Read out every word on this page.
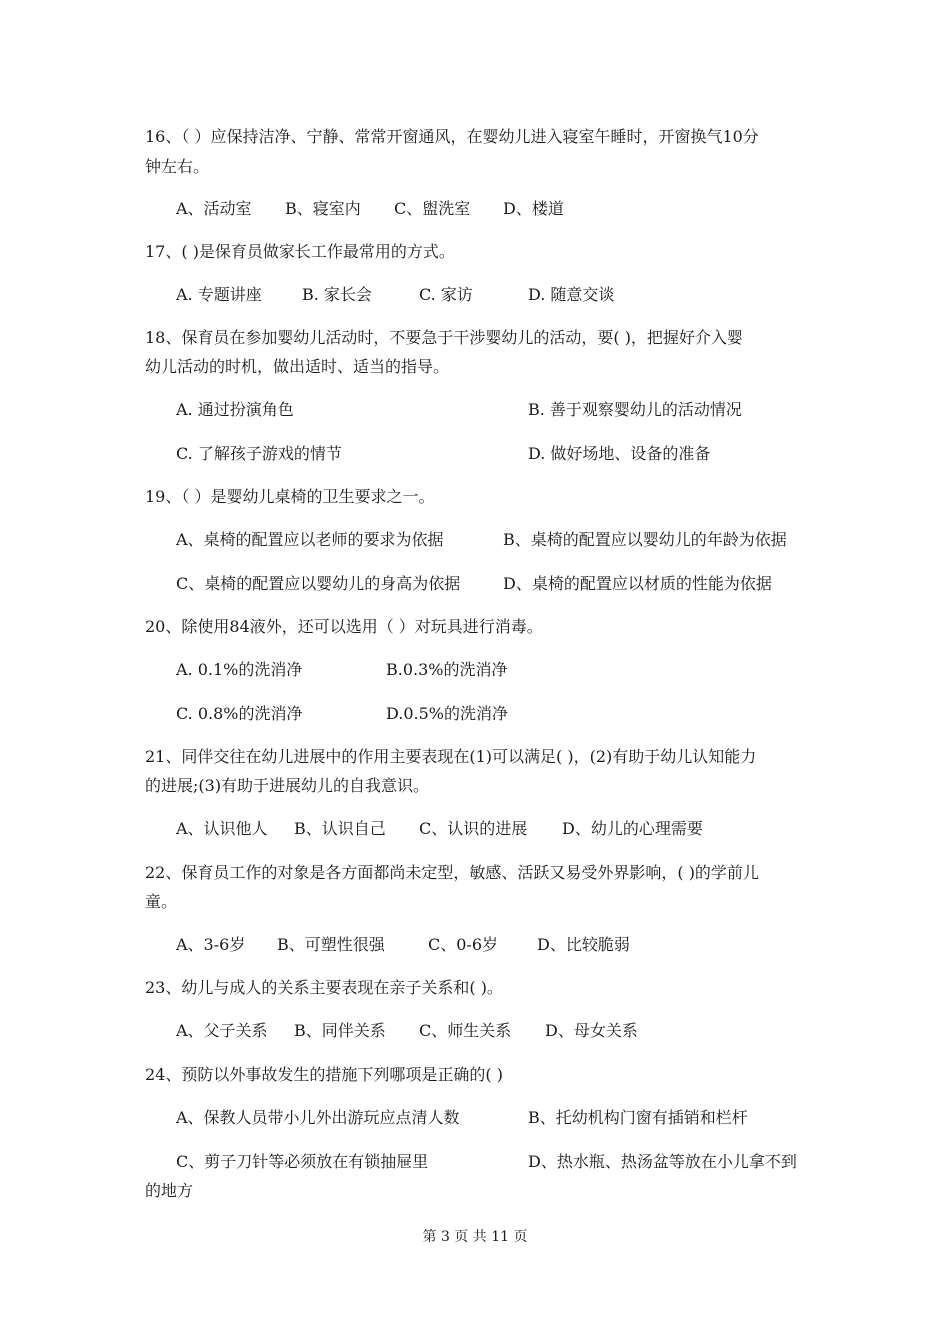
16、（ ）应保持洁净、宁静、常常开窗通风，在婴幼儿进入寝室午睡时，开窗换气10分
钟左右。
A、活动室 B、寝室内 C、盥洗室 D、楼道
17、( )是保育员做家长工作最常用的方式。
A. 专题讲座	B. 家长会	C. 家访	D. 随意交谈
18、保育员在参加婴幼儿活动时，不要急于干涉婴幼儿的活动，要( )，把握好介入婴
幼儿活动的时机，做出适时、适当的指导。
A. 通过扮演角色	B. 善于观察婴幼儿的活动情况
C. 了解孩子游戏的情节	D. 做好场地、设备的准备
19、（ ）是婴幼儿桌椅的卫生要求之一。
A、桌椅的配置应以老师的要求为依据	B、桌椅的配置应以婴幼儿的年龄为依据
C、桌椅的配置应以婴幼儿的身高为依据	D、桌椅的配置应以材质的性能为依据
20、除使用84液外，还可以选用（ ）对玩具进行消毒。
A. 0.1%的洗消净	B.0.3%的洗消净
C. 0.8%的洗消净	D.0.5%的洗消净
21、同伴交往在幼儿进展中的作用主要表现在(1)可以满足( )，(2)有助于幼儿认知能力
的进展;(3)有助于进展幼儿的自我意识。
A、认识他人 B、认识自己 C、认识的进展 D、幼儿的心理需要
22、保育员工作的对象是各方面都尚未定型，敏感、活跃又易受外界影响，( )的学前儿
童。
A、3-6岁 B、可塑性很强	C、0-6岁 D、比较脆弱
23、幼儿与成人的关系主要表现在亲子关系和( )。
A、父子关系 B、同伴关系 C、师生关系 D、母女关系
24、预防以外事故发生的措施下列哪项是正确的( )
A、保教人员带小儿外出游玩应点清人数	B、托幼机构门窗有插销和栏杆
C、剪子刀针等必须放在有锁抽屉里	D、热水瓶、热汤盆等放在小儿拿不到
的地方
第 3 页 共 11 页
